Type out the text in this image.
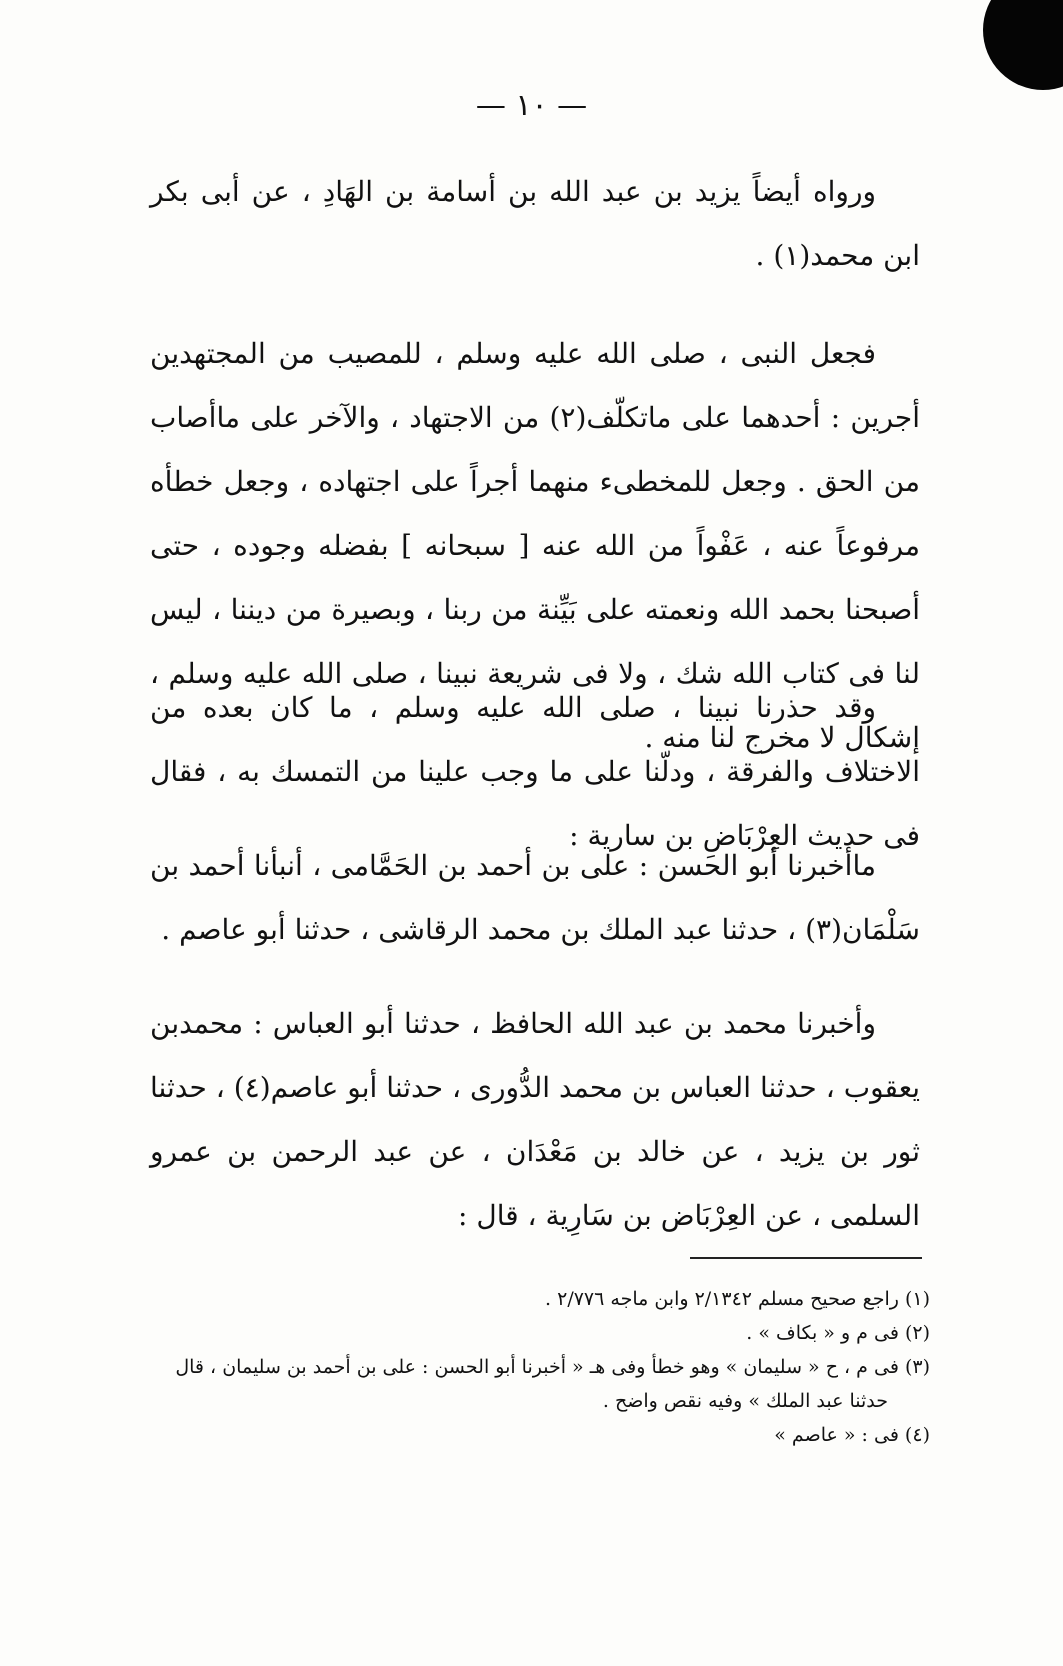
— ١٠ —

ورواه أيضاً يزيد بن عبد الله بن أسامة بن الهَادِ ، عن أبى بكر ابن محمد(١) .

فجعل النبى ، صلى الله عليه وسلم ، للمصيب من المجتهدين أجرين : أحدهما على ماتكلّف(٢) من الاجتهاد ، والآخر على ماأصاب من الحق . وجعل للمخطىء منهما أجراً على اجتهاده ، وجعل خطأه مرفوعاً عنه ، عَفْواً من الله عنه [ سبحانه ] بفضله وجوده ، حتى أصبحنا بحمد الله ونعمته على بَيِّنة من ربنا ، وبصيرة من ديننا ، ليس لنا فى كتاب الله شك ، ولا فى شريعة نبينا ، صلى الله عليه وسلم ، إشكال لا مخرج لنا منه .

وقد حذرنا نبينا ، صلى الله عليه وسلم ، ما كان بعده من الاختلاف والفرقة ، ودلّنا على ما وجب علينا من التمسك به ، فقال فى حديث العِرْبَاضِ بن سارية :

ماأخبرنا أبو الحسن : على بن أحمد بن الحَمَّامى ، أنبأنا أحمد بن سَلْمَان(٣) ، حدثنا عبد الملك بن محمد الرقاشى ، حدثنا أبو عاصم .

وأخبرنا محمد بن عبد الله الحافظ ، حدثنا أبو العباس : محمدبن يعقوب ، حدثنا العباس بن محمد الدُّورى ، حدثنا أبو عاصم(٤) ، حدثنا ثور بن يزيد ، عن خالد بن مَعْدَان ، عن عبد الرحمن بن عمرو السلمى ، عن العِرْبَاض بن سَارِية ، قال :

(١) راجع صحيح مسلم ٢/١٣٤٢ وابن ماجه ٢/٧٧٦ .

(٢) فى م و « بكاف » .

(٣) فى م ، ح « سليمان » وهو خطأ وفى هـ « أخبرنا أبو الحسن : على بن أحمد بن سليمان ، قال

حدثنا عبد الملك » وفيه نقص واضح .

(٤) فى : « عاصم »
